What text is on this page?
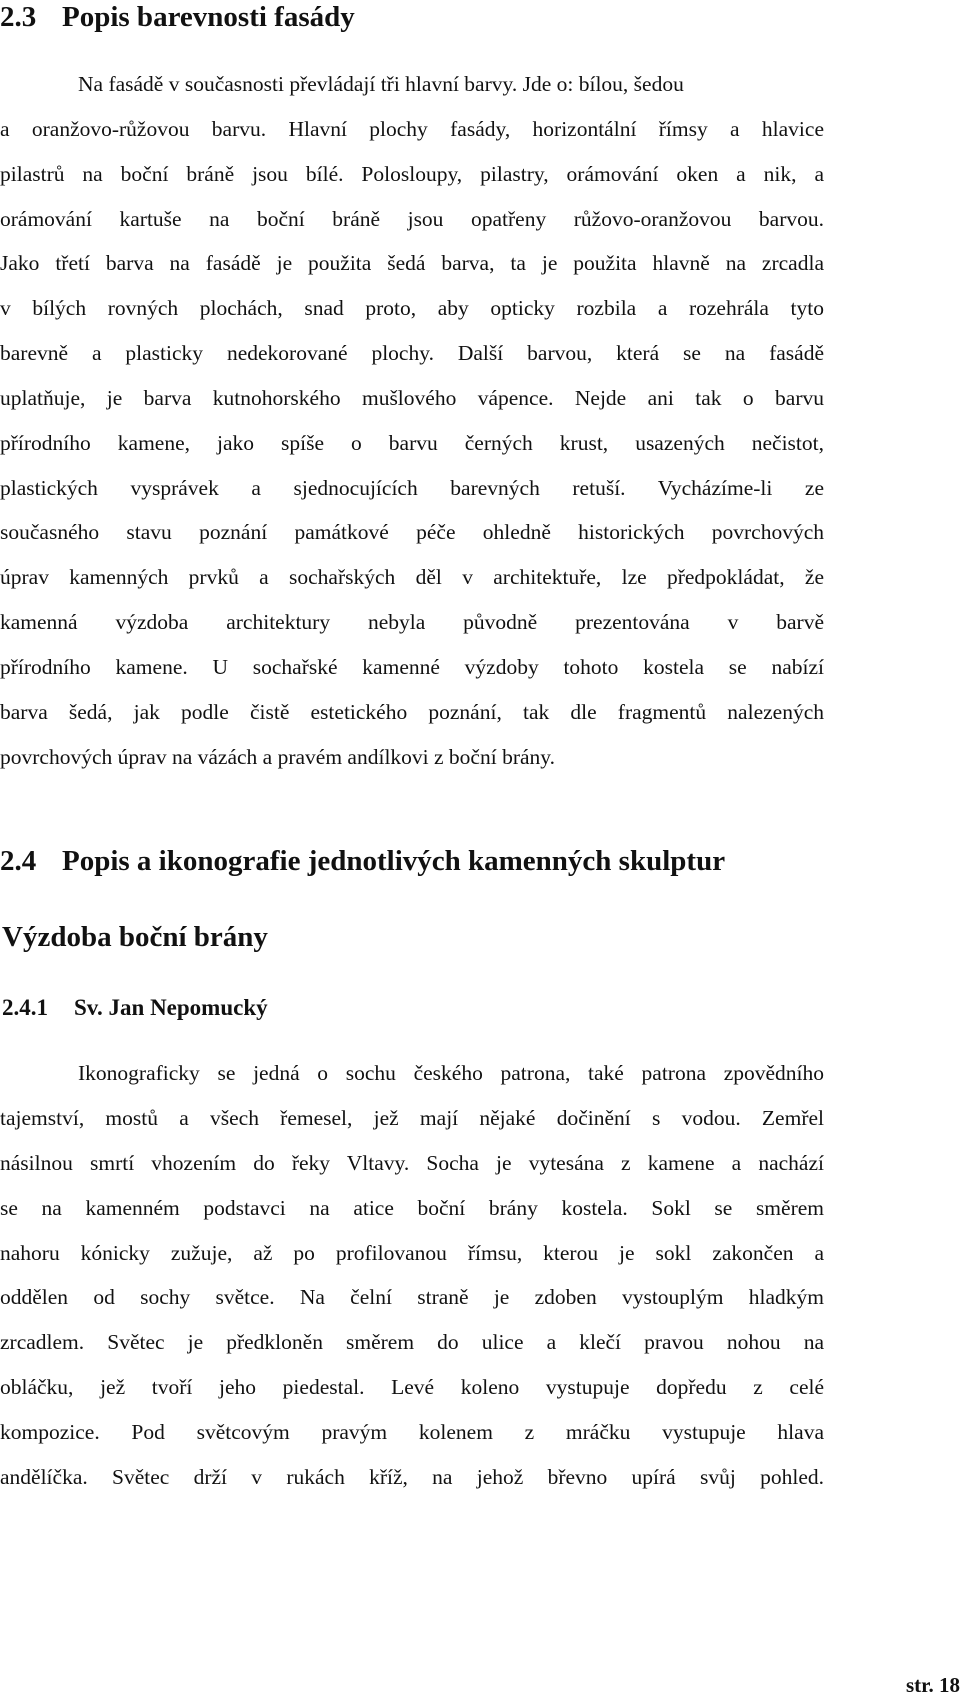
2.3 Popis barevnosti fasády
Na fasádě v současnosti převládají tři hlavní barvy. Jde o: bílou, šedou
a oranžovo-růžovou barvu. Hlavní plochy fasády, horizontální římsy a hlavice
pilastrů na boční bráně jsou bílé. Polosloupy, pilastry, orámování oken a nik, a
orámování kartuše na boční bráně jsou opatřeny růžovo-oranžovou barvou.
Jako třetí barva na fasádě je použita šedá barva, ta je použita hlavně na zrcadla
v bílých rovných plochách, snad proto, aby opticky rozbila a rozehrála tyto
barevně a plasticky nedekorované plochy. Další barvou, která se na fasádě
uplatňuje, je barva kutnohorského mušlového vápence. Nejde ani tak o barvu
přírodního kamene, jako spíše o barvu černých krust, usazených nečistot,
plastických vysprávek a sjednocujících barevných retuší. Vycházíme-li ze
současného stavu poznání památkové péče ohledně historických povrchových
úprav kamenných prvků a sochařských děl v architektuře, lze předpokládat, že
kamenná výzdoba architektury nebyla původně prezentována v barvě
přírodního kamene. U sochařské kamenné výzdoby tohoto kostela se nabízí
barva šedá, jak podle čistě estetického poznání, tak dle fragmentů nalezených
povrchových úprav na vázách a pravém andílkovi z boční brány.
2.4 Popis a ikonografie jednotlivých kamenných skulptur
Výzdoba boční brány
2.4.1 Sv. Jan Nepomucký
Ikonograficky se jedná o sochu českého patrona, také patrona zpovědního
tajemství, mostů a všech řemesel, jež mají nějaké dočinění s vodou. Zemřel
násilnou smrtí vhozením do řeky Vltavy. Socha je vytesána z kamene a nachází
se na kamenném podstavci na atice boční brány kostela. Sokl se směrem
nahoru kónicky zužuje, až po profilovanou římsu, kterou je sokl zakončen a
oddělen od sochy světce. Na čelní straně je zdoben vystouplým hladkým
zrcadlem. Světec je předkloněn směrem do ulice a klečí pravou nohou na
obláčku, jež tvoří jeho piedestal. Levé koleno vystupuje dopředu z celé
kompozice. Pod světcovým pravým kolenem z mráčku vystupuje hlava
andělíčka. Světec drží v rukách kříž, na jehož břevno upírá svůj pohled.
str. 18
